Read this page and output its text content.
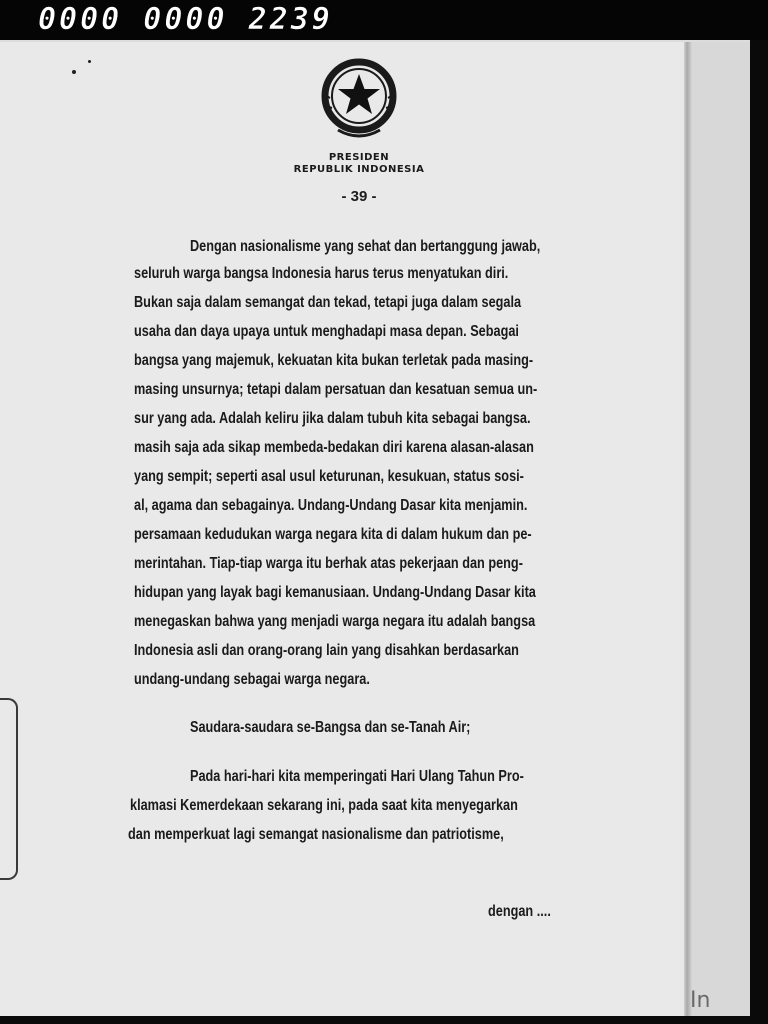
0000 0000 2239
PRESIDEN
REPUBLIK INDONESIA
- 39 -
Dengan nasionalisme yang sehat dan bertanggung jawab,
seluruh warga bangsa Indonesia harus terus menyatukan diri.
Bukan saja dalam semangat dan tekad, tetapi juga dalam segala
usaha dan daya upaya untuk menghadapi masa depan. Sebagai
bangsa yang majemuk, kekuatan kita bukan terletak pada masing-
masing unsurnya; tetapi dalam persatuan dan kesatuan semua un-
sur yang ada. Adalah keliru jika dalam tubuh kita sebagai bangsa.
masih saja ada sikap membeda-bedakan diri karena alasan-alasan
yang sempit; seperti asal usul keturunan, kesukuan, status sosi-
al, agama dan sebagainya. Undang-Undang Dasar kita menjamin.
persamaan kedudukan warga negara kita di dalam hukum dan pe-
merintahan. Tiap-tiap warga itu berhak atas pekerjaan dan peng-
hidupan yang layak bagi kemanusiaan. Undang-Undang Dasar kita
menegaskan bahwa yang menjadi warga negara itu adalah bangsa
Indonesia asli dan orang-orang lain yang disahkan berdasarkan
undang-undang sebagai warga negara.
Saudara-saudara se-Bangsa dan se-Tanah Air;
Pada hari-hari kita memperingati Hari Ulang Tahun Pro-
klamasi Kemerdekaan sekarang ini, pada saat kita menyegarkan
dan memperkuat lagi semangat nasionalisme dan patriotisme,
dengan ....
In
